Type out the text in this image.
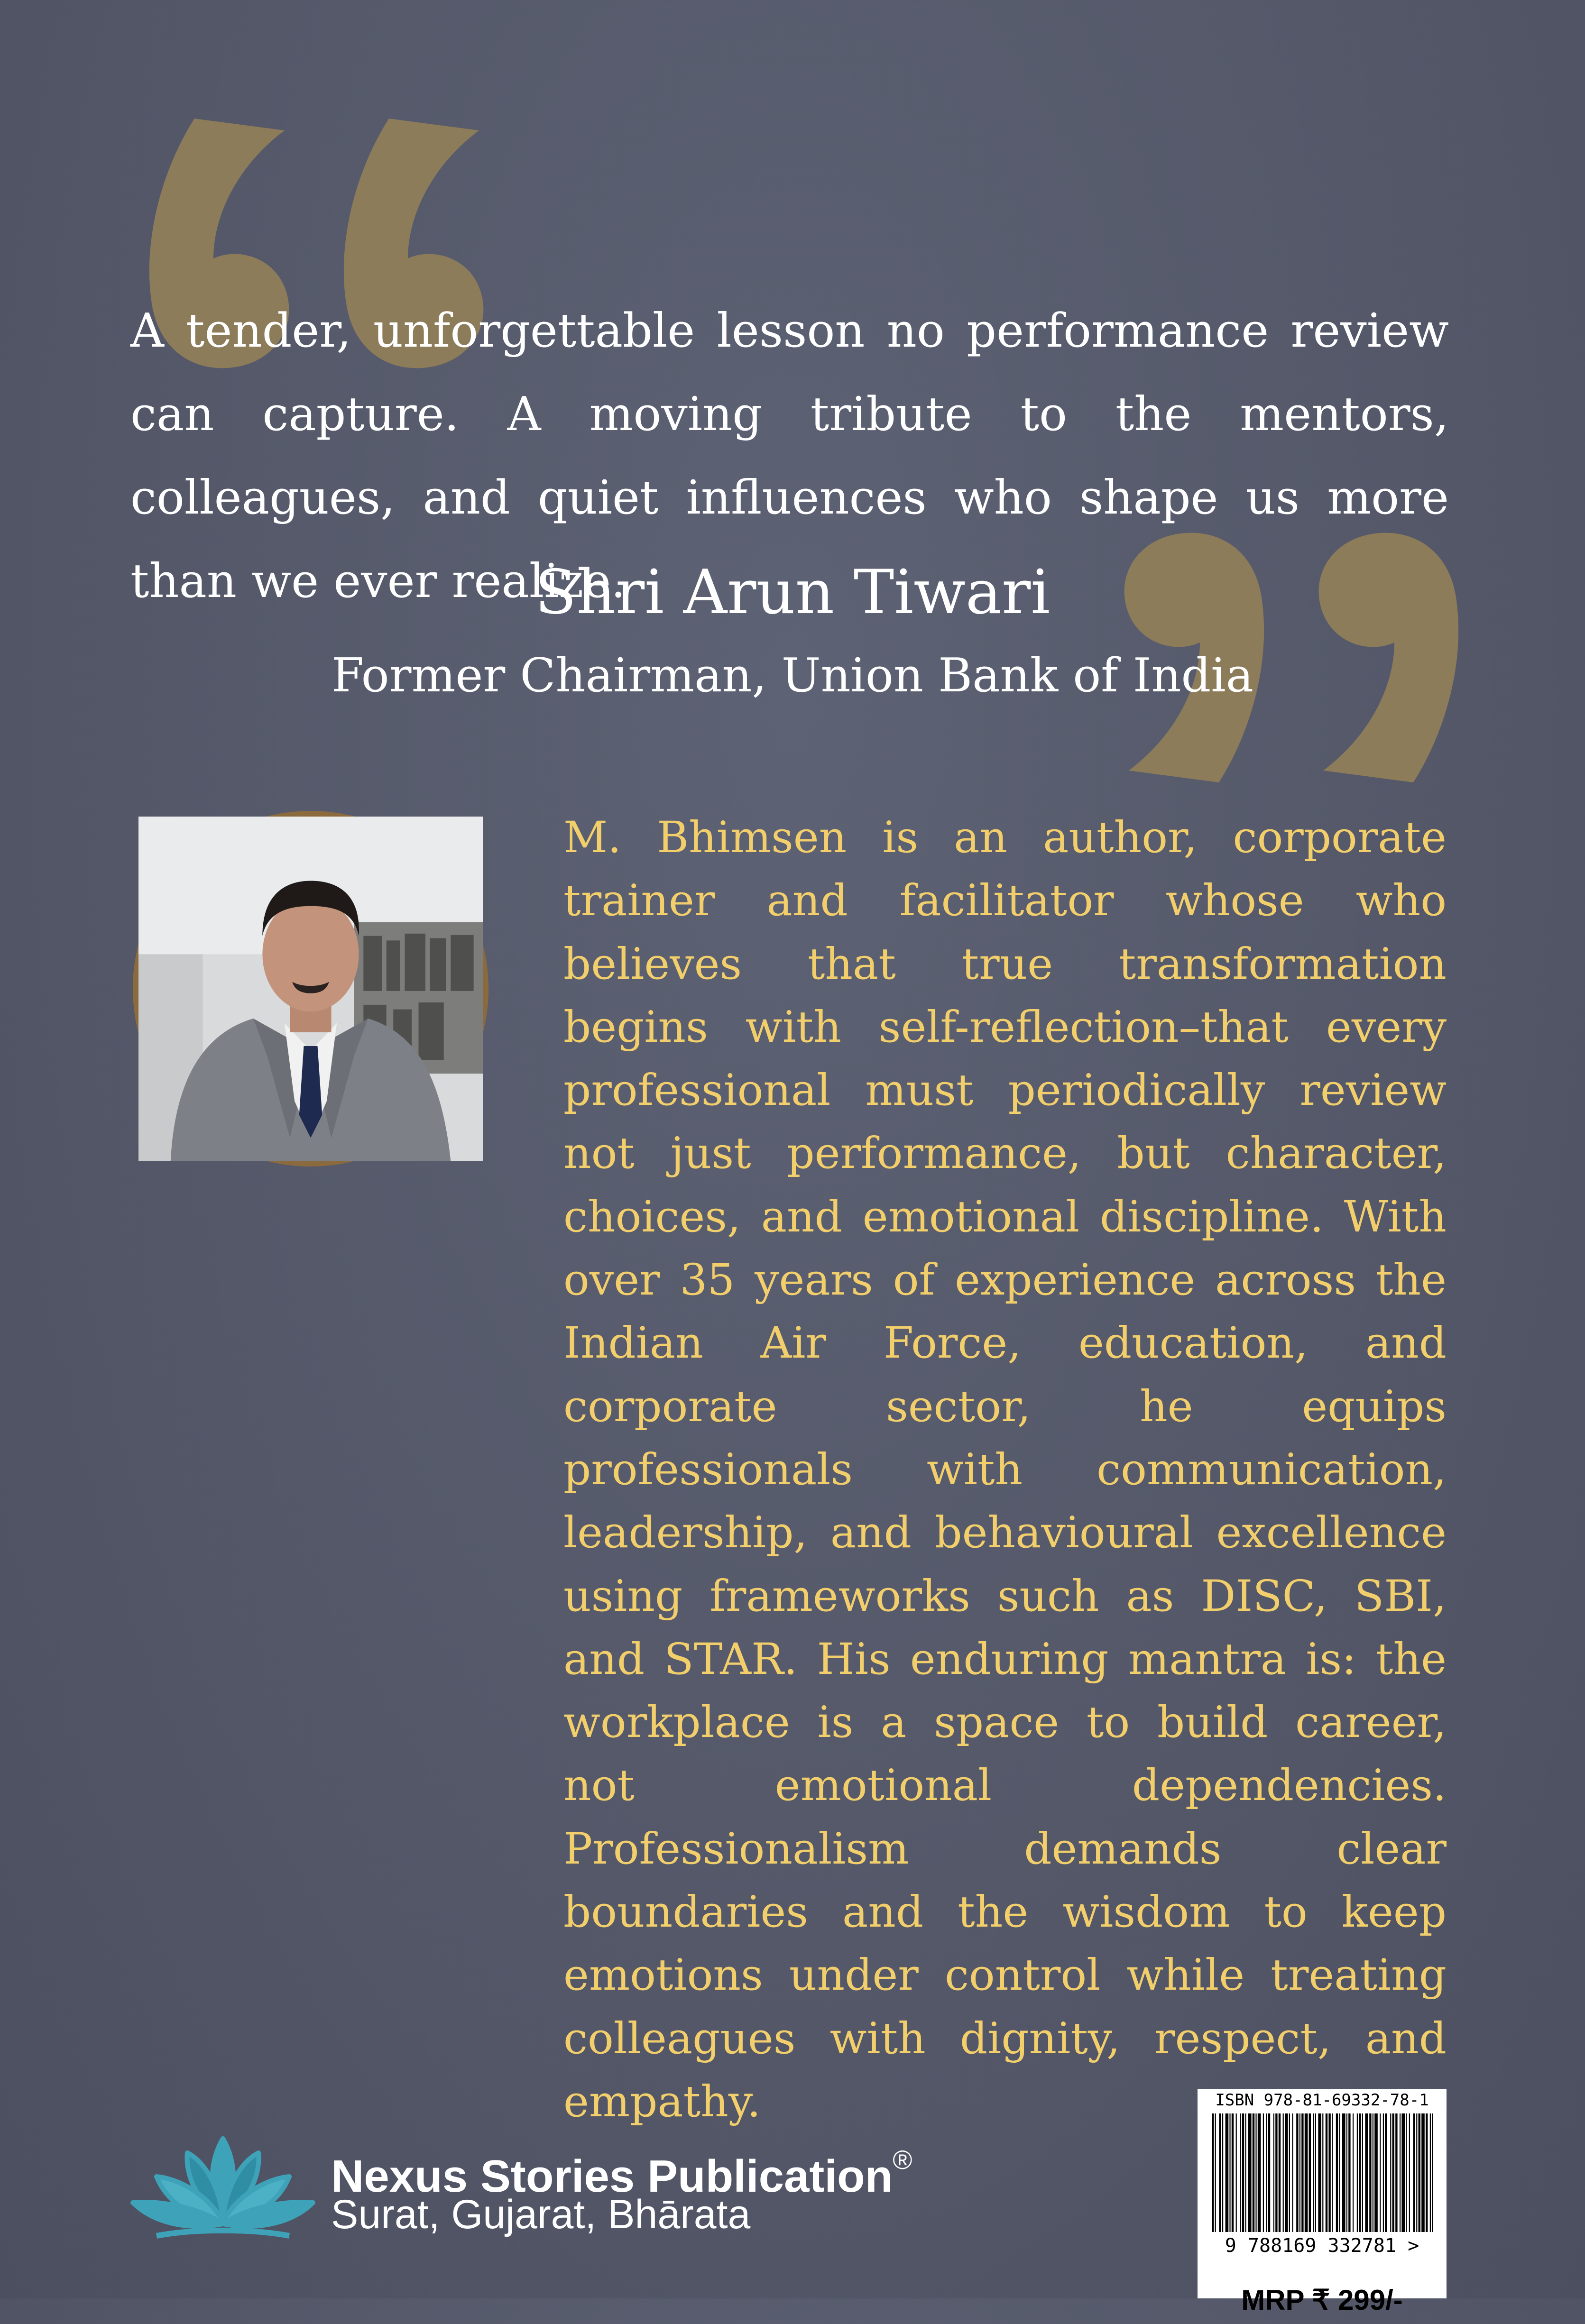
A tender, unforgettable lesson no performance review can capture. A moving tribute to the mentors, colleagues, and quiet influences who shape us more than we ever realize.
Shri Arun Tiwari
Former Chairman, Union Bank of India

M. Bhimsen is an author, corporate trainer and facilitator whose who believes that true transformation begins with self-reflection–that every professional must periodically review not just performance, but character, choices, and emotional discipline. With over 35 years of experience across the Indian Air Force, education, and corporate sector, he equips professionals with communication, leadership, and behavioural excellence using frameworks such as DISC, SBI, and STAR. His enduring mantra is: the workplace is a space to build career, not emotional dependencies. Professionalism demands clear boundaries and the wisdom to keep emotions under control while treating colleagues with dignity, respect, and empathy.

Nexus Stories Publication®
Surat, Gujarat, Bhārata
ISBN 978-81-69332-78-1
9 788169 332781 >
MRP ₹ 299/-
